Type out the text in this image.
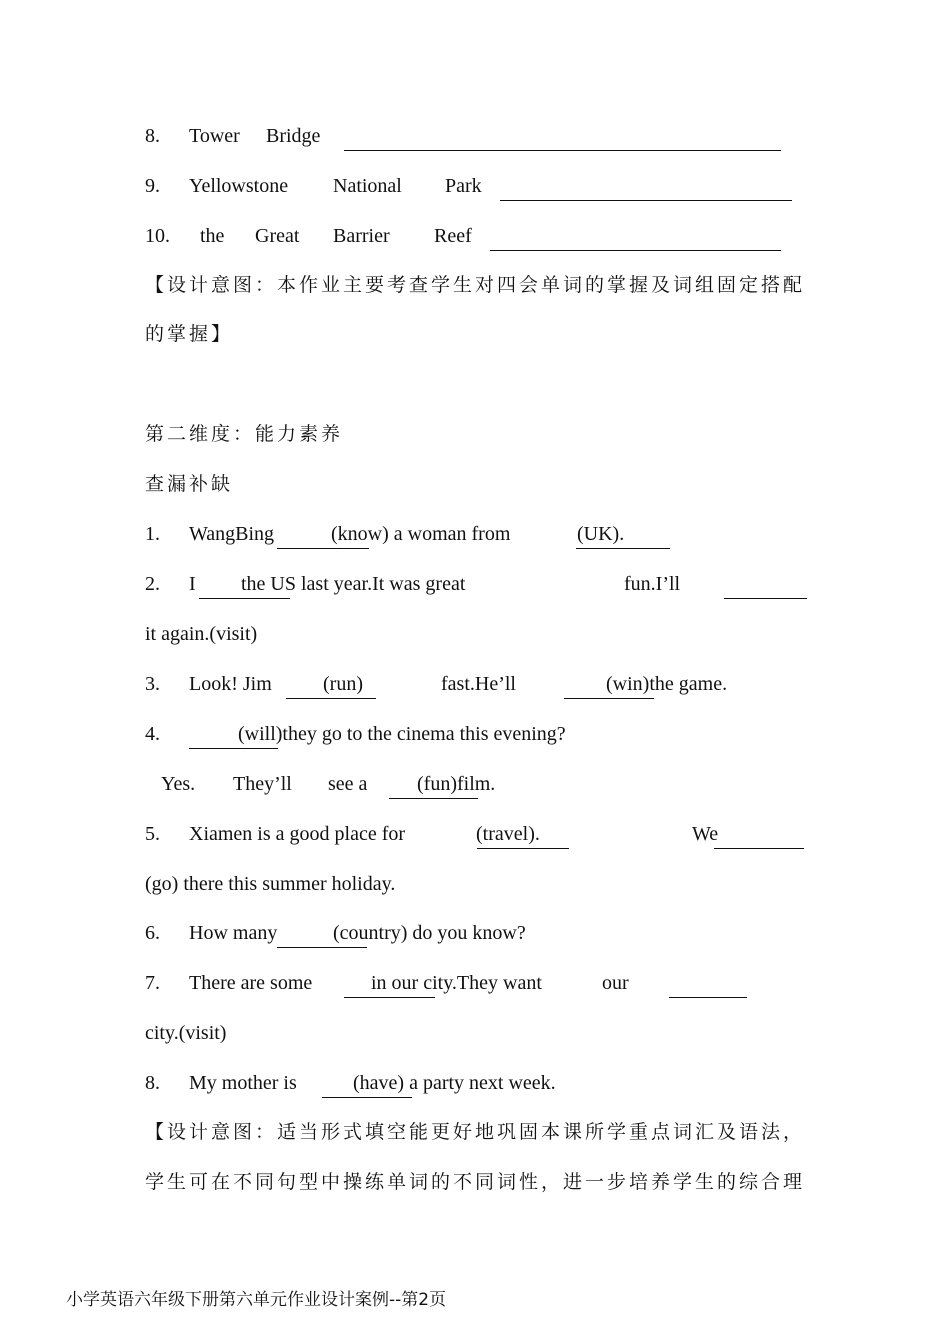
8. Tower Bridge
9. Yellowstone National Park
10. the Great Barrier Reef
【设计意图：本作业主要考查学生对四会单词的掌握及词组固定搭配
的掌握】
第二维度：能力素养
查漏补缺
1. WangBing	(know) a woman from	(UK).
2. I the US last year.It was great	fun.I’ll
it again.(visit)
3. Look! Jim	(run)	fast.He’ll	(win)the game.
4.	(will)they go to the cinema this evening?
Yes. They’ll see a (fun)film.
5. Xiamen is a good place for	(travel).	We
(go) there this summer holiday.
6. How many	(country) do you know?
7. There are some	in our city.They want	our
city.(visit)
8. My mother is	(have) a party next week.
【设计意图：适当形式填空能更好地巩固本课所学重点词汇及语法，
学生可在不同句型中操练单词的不同词性，进一步培养学生的综合理
小学英语六年级下册第六单元作业设计案例--第2页
